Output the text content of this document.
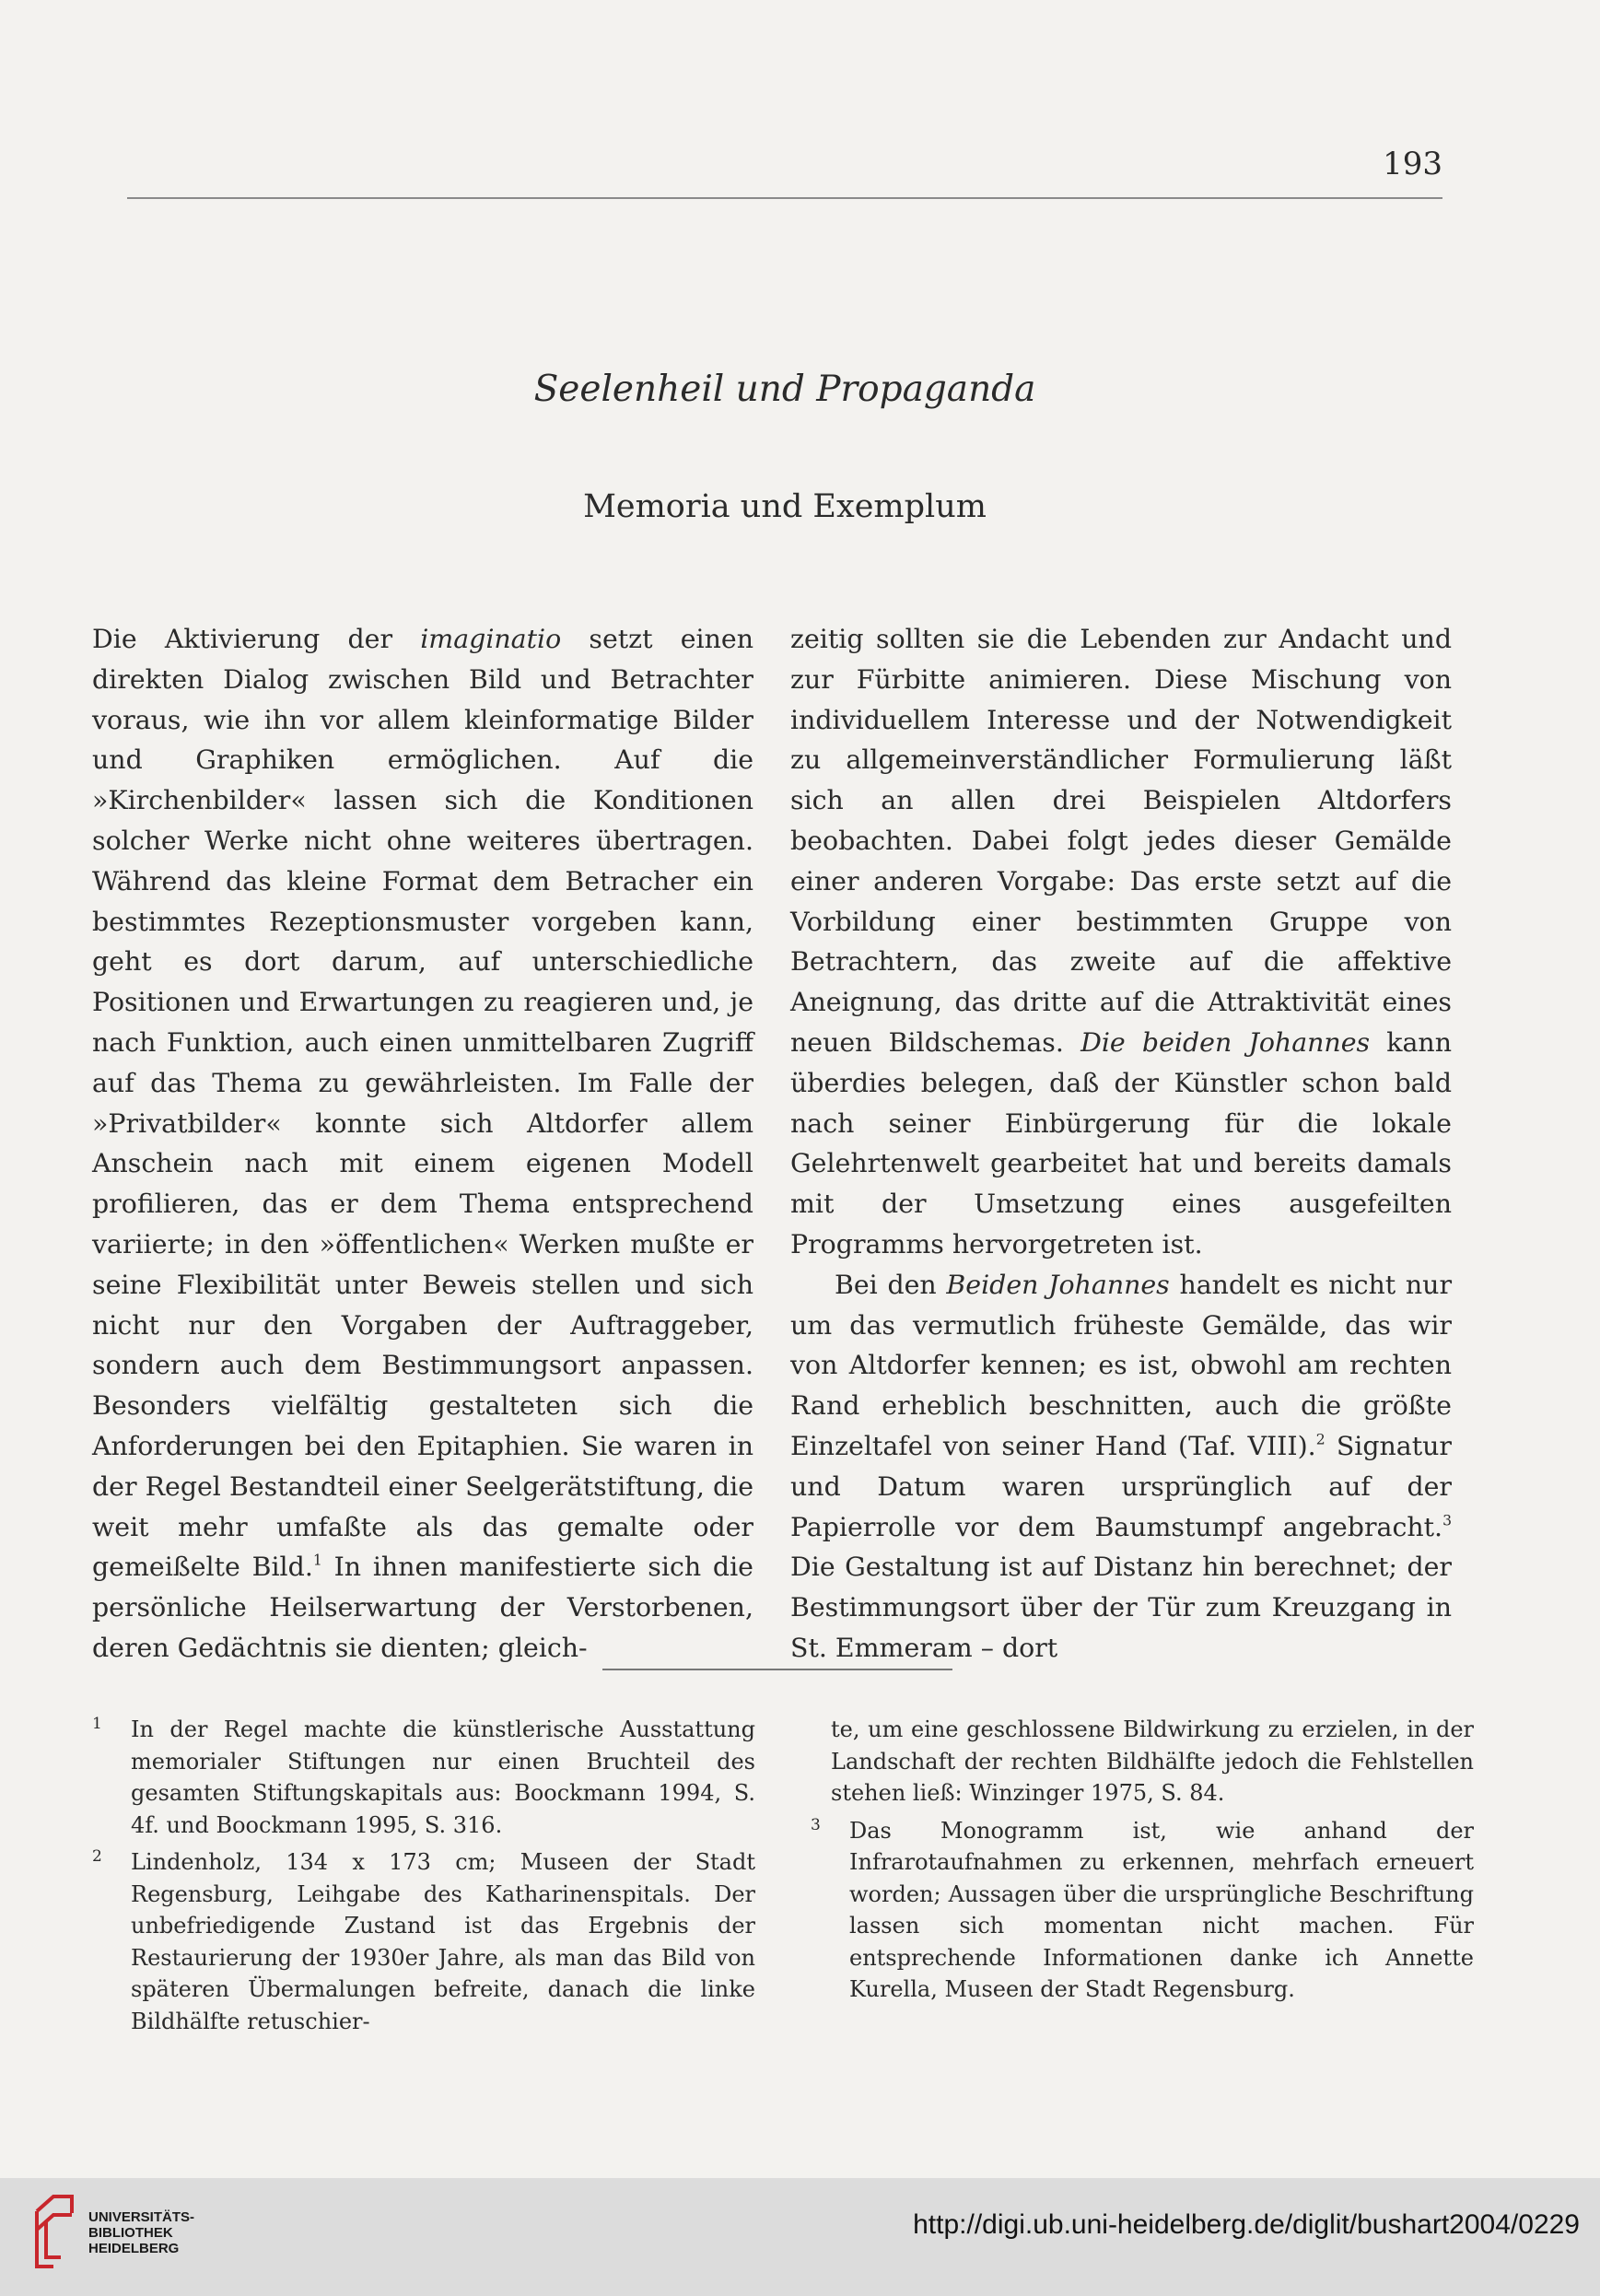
193
Seelenheil und Propaganda
Memoria und Exemplum

Die Aktivierung der imaginatio setzt einen direkten Dialog zwischen Bild und Betrachter voraus, wie ihn vor allem kleinformatige Bilder und Graphiken ermöglichen. Auf die »Kirchenbilder« lassen sich die Konditionen solcher Werke nicht ohne weiteres übertragen. Während das kleine Format dem Betracher ein bestimmtes Rezeptionsmuster vorgeben kann, geht es dort darum, auf unterschiedliche Positionen und Erwartungen zu reagieren und, je nach Funktion, auch einen unmittelbaren Zugriff auf das Thema zu gewährleisten. Im Falle der »Privatbilder« konnte sich Altdorfer allem Anschein nach mit einem eigenen Modell profilieren, das er dem Thema entsprechend variierte; in den »öffentlichen« Werken mußte er seine Flexibilität unter Beweis stellen und sich nicht nur den Vorgaben der Auftraggeber, sondern auch dem Bestimmungsort anpassen. Besonders vielfältig gestalteten sich die Anforderungen bei den Epitaphien. Sie waren in der Regel Bestandteil einer Seelgerätstiftung, die weit mehr umfaßte als das gemalte oder gemeißelte Bild.$^1$ In ihnen manifestierte sich die persönliche Heilserwartung der Verstorbenen, deren Gedächtnis sie dienten; gleich-

zeitig sollten sie die Lebenden zur Andacht und zur Fürbitte animieren. Diese Mischung von individuellem Interesse und der Notwendigkeit zu allgemeinverständlicher Formulierung läßt sich an allen drei Beispielen Altdorfers beobachten. Dabei folgt jedes dieser Gemälde einer anderen Vorgabe: Das erste setzt auf die Vorbildung einer bestimmten Gruppe von Betrachtern, das zweite auf die affektive Aneignung, das dritte auf die Attraktivität eines neuen Bildschemas. Die beiden Johannes kann überdies belegen, daß der Künstler schon bald nach seiner Einbürgerung für die lokale Gelehrtenwelt gearbeitet hat und bereits damals mit der Umsetzung eines ausgefeilten Programms hervorgetreten ist.

Bei den Beiden Johannes handelt es nicht nur um das vermutlich früheste Gemälde, das wir von Altdorfer kennen; es ist, obwohl am rechten Rand erheblich beschnitten, auch die größte Einzeltafel von seiner Hand (Taf. VIII).$^2$ Signatur und Datum waren ursprünglich auf der Papierrolle vor dem Baumstumpf angebracht.$^3$ Die Gestaltung ist auf Distanz hin berechnet; der Bestimmungsort über der Tür zum Kreuzgang in St. Emmeram – dort

1 In der Regel machte die künstlerische Ausstattung memorialer Stiftungen nur einen Bruchteil des gesamten Stiftungskapitals aus: Boockmann 1994, S. 4f. und Boockmann 1995, S. 316.

2 Lindenholz, 134 x 173 cm; Museen der Stadt Regensburg, Leihgabe des Katharinenspitals. Der unbefriedigende Zustand ist das Ergebnis der Restaurierung der 1930er Jahre, als man das Bild von späteren Übermalungen befreite, danach die linke Bildhälfte retuschier-

te, um eine geschlossene Bildwirkung zu erzielen, in der Landschaft der rechten Bildhälfte jedoch die Fehlstellen stehen ließ: Winzinger 1975, S. 84.

3 Das Monogramm ist, wie anhand der Infrarotaufnahmen zu erkennen, mehrfach erneuert worden; Aussagen über die ursprüngliche Beschriftung lassen sich momentan nicht machen. Für entsprechende Informationen danke ich Annette Kurella, Museen der Stadt Regensburg.

UNIVERSITÄTS-
BIBLIOTHEK
HEIDELBERG
http://digi.ub.uni-heidelberg.de/diglit/bushart2004/0229
